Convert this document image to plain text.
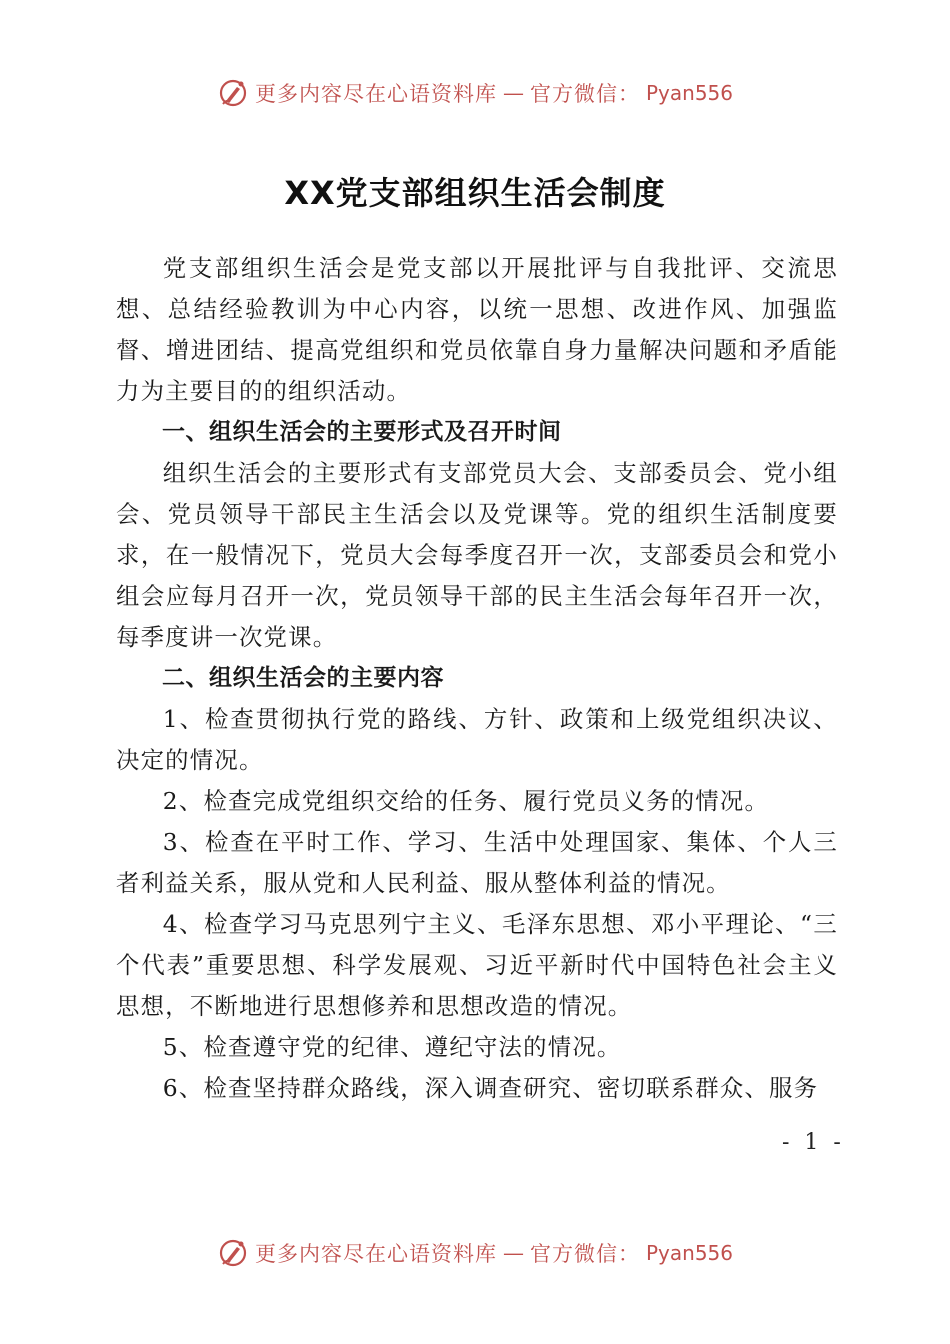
更多内容尽在心语资料库 — 官方微信： Pyan556
XX党支部组织生活会制度

党支部组织生活会是党支部以开展批评与自我批评、交流思想、总结经验教训为中心内容，以统一思想、改进作风、加强监督、增进团结、提高党组织和党员依靠自身力量解决问题和矛盾能力为主要目的的组织活动。

一、组织生活会的主要形式及召开时间

组织生活会的主要形式有支部党员大会、支部委员会、党小组会、党员领导干部民主生活会以及党课等。党的组织生活制度要求，在一般情况下，党员大会每季度召开一次，支部委员会和党小组会应每月召开一次，党员领导干部的民主生活会每年召开一次，每季度讲一次党课。

二、组织生活会的主要内容

1、检查贯彻执行党的路线、方针、政策和上级党组织决议、决定的情况。

2、检查完成党组织交给的任务、履行党员义务的情况。

3、检查在平时工作、学习、生活中处理国家、集体、个人三者利益关系，服从党和人民利益、服从整体利益的情况。

4、检查学习马克思列宁主义、毛泽东思想、邓小平理论、“三个代表”重要思想、科学发展观、习近平新时代中国特色社会主义思想，不断地进行思想修养和思想改造的情况。

5、检查遵守党的纪律、遵纪守法的情况。

6、检查坚持群众路线，深入调查研究、密切联系群众、服务

- 1 -
更多内容尽在心语资料库 — 官方微信： Pyan556
